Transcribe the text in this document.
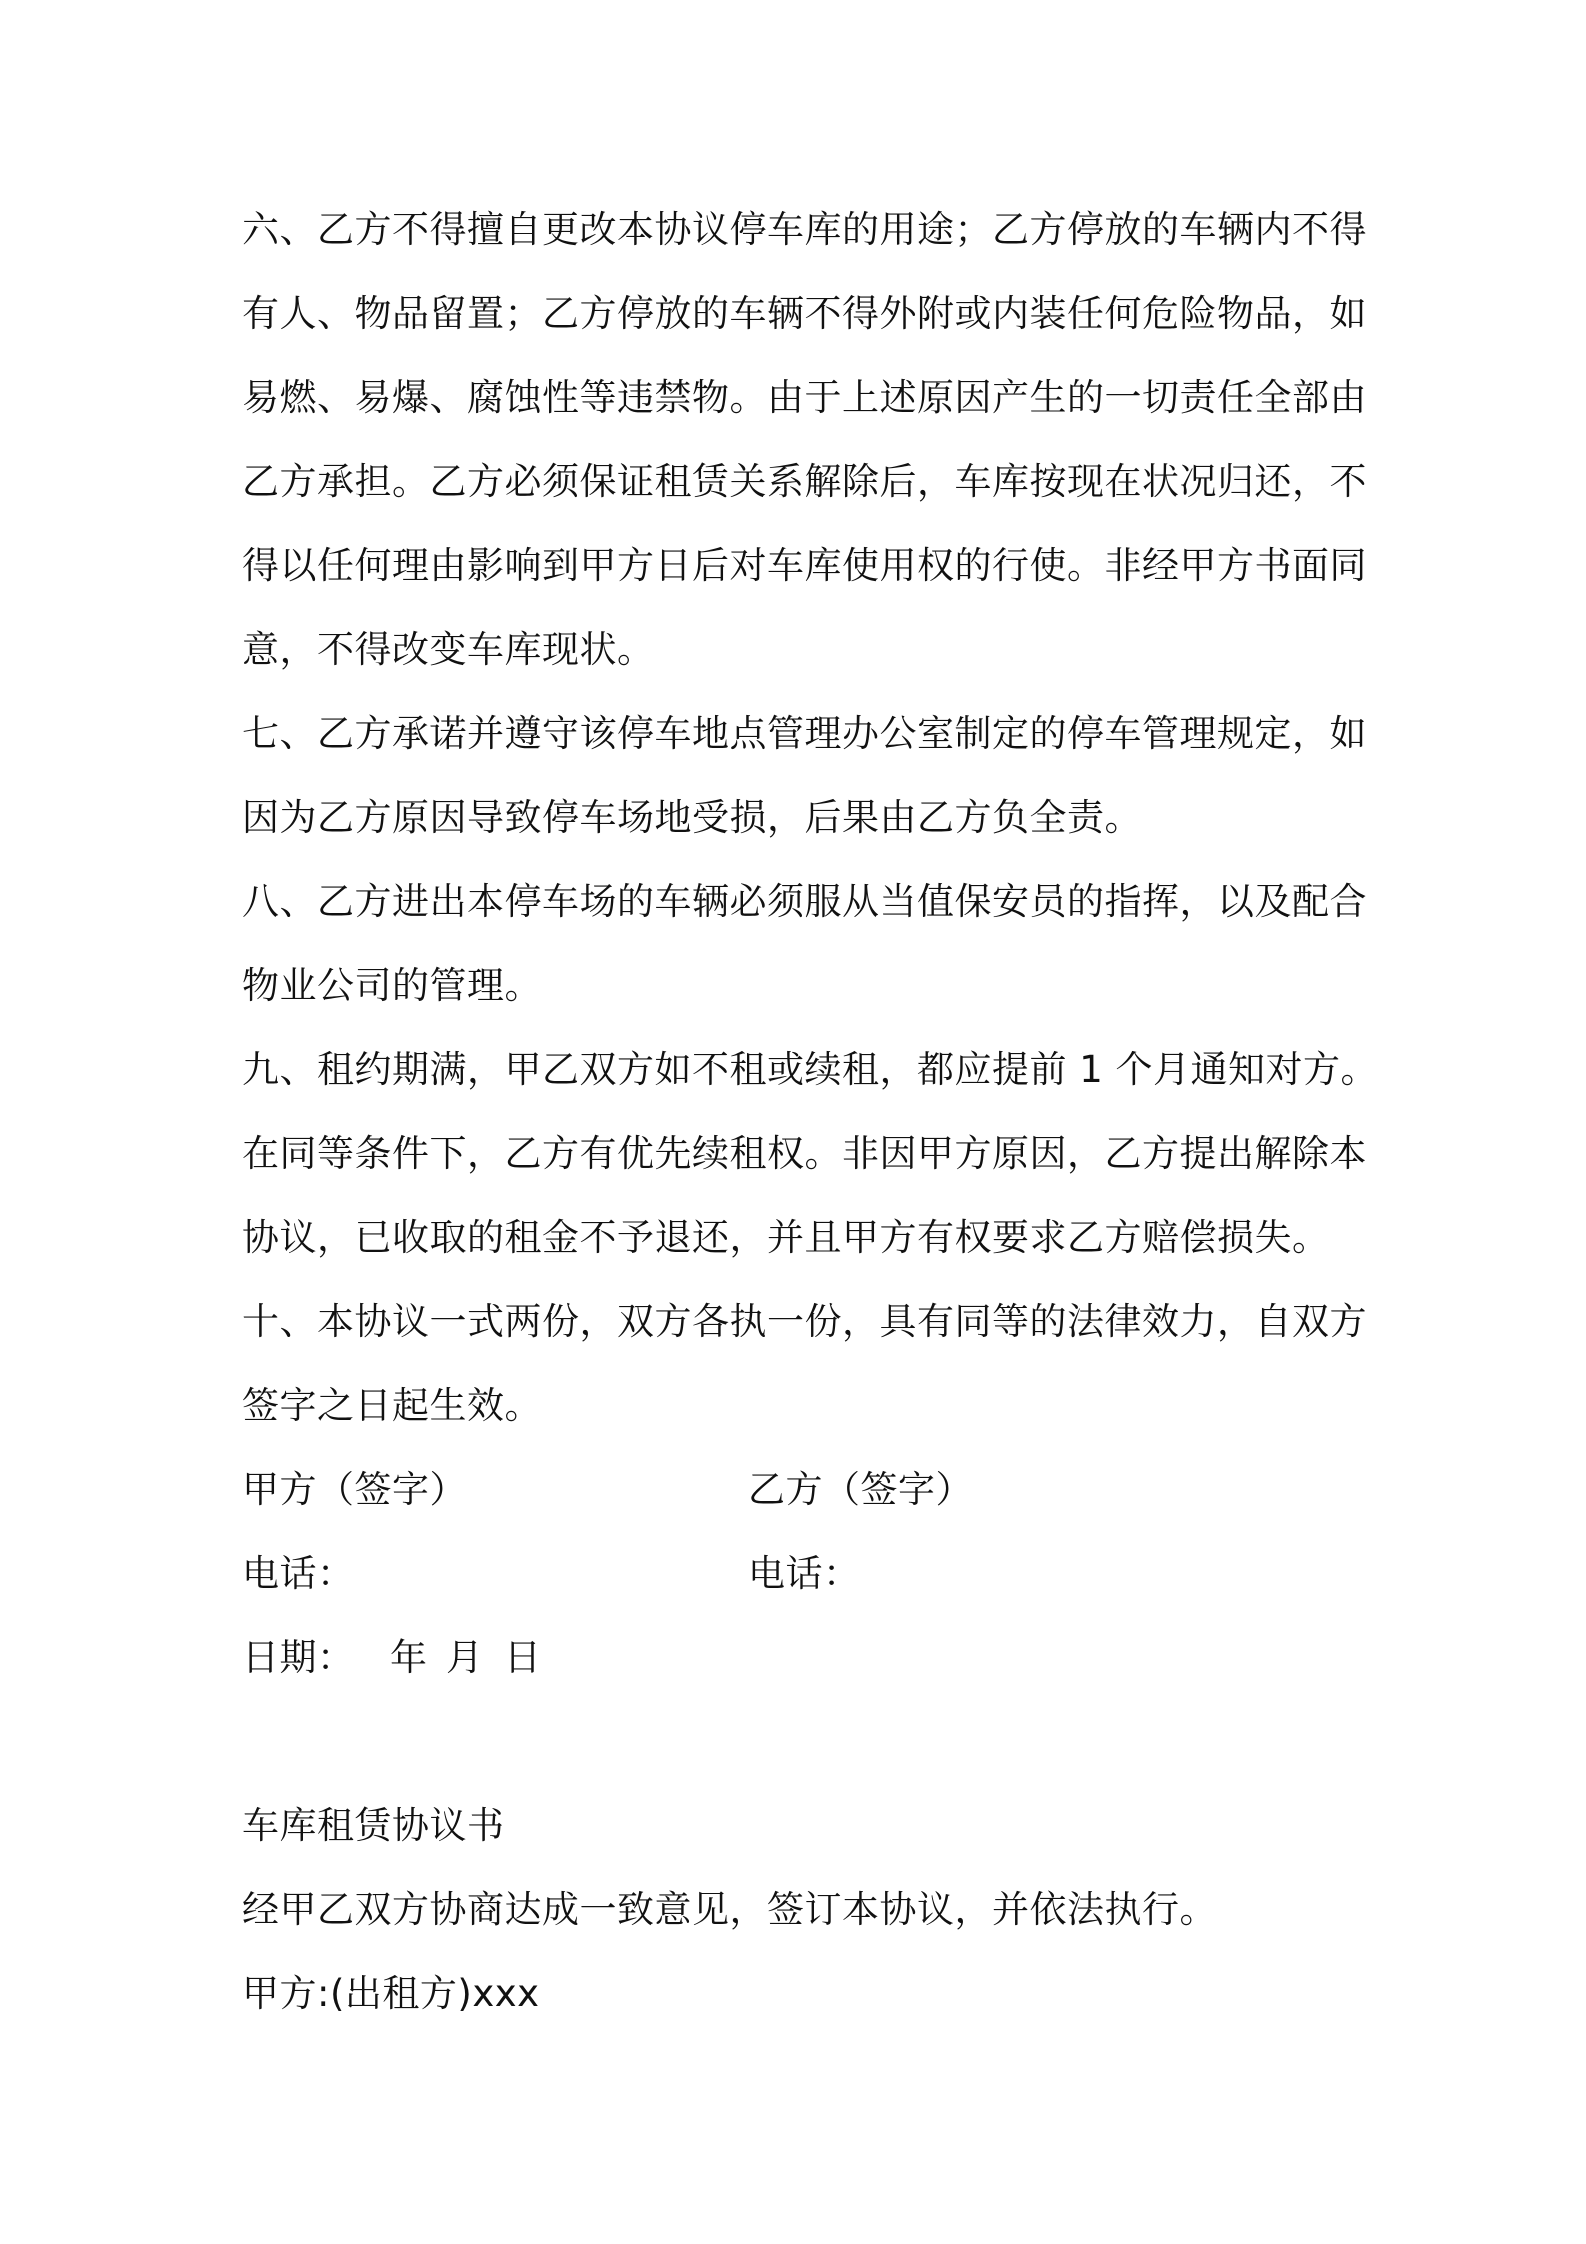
六、乙方不得擅自更改本协议停车库的用途；乙方停放的车辆内不得
有人、物品留置；乙方停放的车辆不得外附或内装任何危险物品，如
易燃、易爆、腐蚀性等违禁物。由于上述原因产生的一切责任全部由
乙方承担。乙方必须保证租赁关系解除后，车库按现在状况归还，不
得以任何理由影响到甲方日后对车库使用权的行使。非经甲方书面同
意，不得改变车库现状。
七、乙方承诺并遵守该停车地点管理办公室制定的停车管理规定，如
因为乙方原因导致停车场地受损，后果由乙方负全责。
八、乙方进出本停车场的车辆必须服从当值保安员的指挥，以及配合
物业公司的管理。
九、租约期满，甲乙双方如不租或续租，都应提前 1 个月通知对方。
在同等条件下，乙方有优先续租权。非因甲方原因，乙方提出解除本
协议，已收取的租金不予退还，并且甲方有权要求乙方赔偿损失。
十、本协议一式两份，双方各执一份，具有同等的法律效力，自双方
签字之日起生效。
甲方（签字）	乙方（签字）
电话：	电话：
日期： 年 月 日
车库租赁协议书
经甲乙双方协商达成一致意见，签订本协议，并依法执行。
甲方:(出租方)xxx
